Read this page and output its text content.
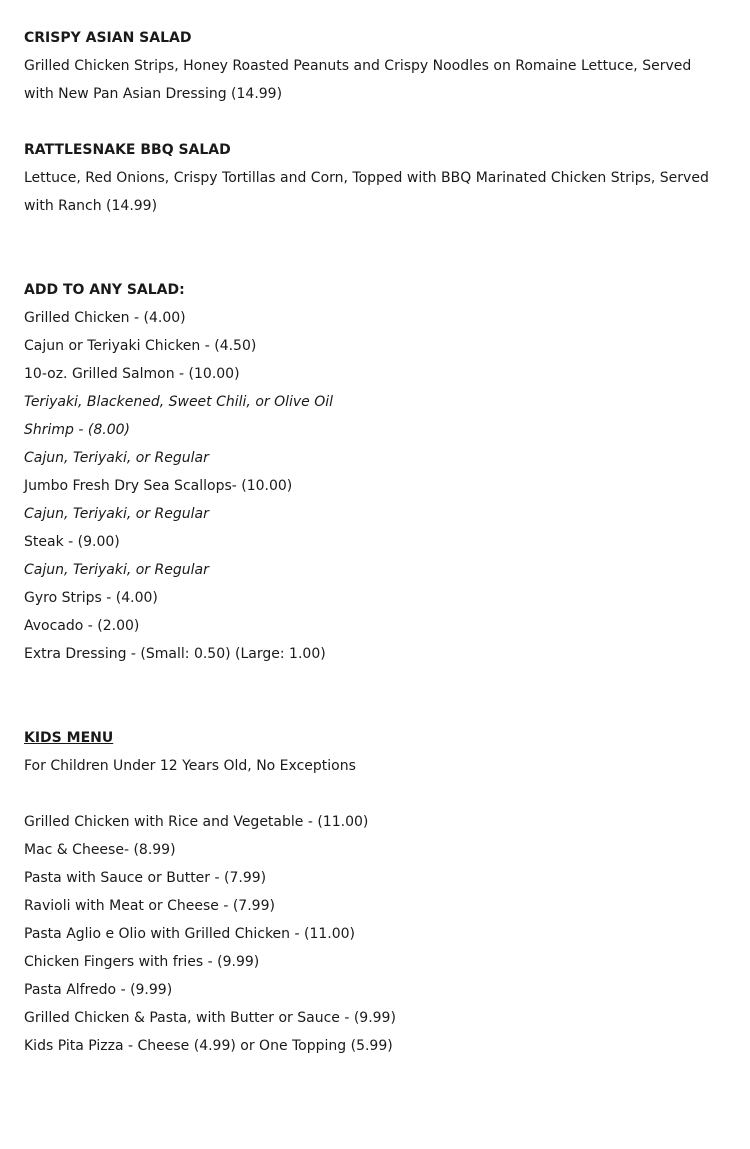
CRISPY ASIAN SALAD
Grilled Chicken Strips, Honey Roasted Peanuts and Crispy Noodles on Romaine Lettuce, Served with New Pan Asian Dressing (14.99)
RATTLESNAKE BBQ SALAD
Lettuce, Red Onions, Crispy Tortillas and Corn, Topped with BBQ Marinated Chicken Strips, Served with Ranch (14.99)
ADD TO ANY SALAD:
Grilled Chicken - (4.00)
Cajun or Teriyaki Chicken - (4.50)
10-oz. Grilled Salmon - (10.00)
Teriyaki, Blackened, Sweet Chili, or Olive Oil
Shrimp - (8.00)
Cajun, Teriyaki, or Regular
Jumbo Fresh Dry Sea Scallops- (10.00)
Cajun, Teriyaki, or Regular
Steak - (9.00)
Cajun, Teriyaki, or Regular
Gyro Strips - (4.00)
Avocado - (2.00)
Extra Dressing - (Small: 0.50) (Large: 1.00)
KIDS MENU
For Children Under 12 Years Old, No Exceptions
Grilled Chicken with Rice and Vegetable - (11.00)
Mac & Cheese- (8.99)
Pasta with Sauce or Butter - (7.99)
Ravioli with Meat or Cheese - (7.99)
Pasta Aglio e Olio with Grilled Chicken - (11.00)
Chicken Fingers with fries - (9.99)
Pasta Alfredo - (9.99)
Grilled Chicken & Pasta, with Butter or Sauce - (9.99)
Kids Pita Pizza - Cheese (4.99) or One Topping (5.99)
